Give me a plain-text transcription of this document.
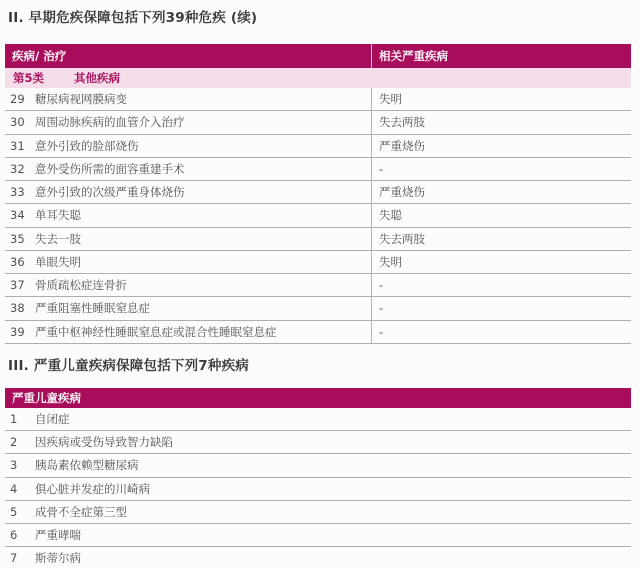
II. 早期危疾保障包括下列39种危疾 (续)
疾病/ 治疗	相关严重疾病
第5类	其他疾病
29 糖尿病视网膜病变	失明
30 周围动脉疾病的血管介入治疗	失去两肢
31 意外引致的脸部烧伤	严重烧伤
32 意外受伤所需的面容重建手术	-
33 意外引致的次级严重身体烧伤	严重烧伤
34 单耳失聪	失聪
35 失去一肢	失去两肢
36 单眼失明	失明
37 骨质疏松症连骨折	-
38 严重阻塞性睡眠窒息症	-
39 严重中枢神经性睡眠窒息症或混合性睡眠窒息症	-
III. 严重儿童疾病保障包括下列7种疾病
严重儿童疾病
1	自闭症
2	因疾病或受伤导致智力缺陷
3	胰岛素依赖型糖尿病
4	俱心脏并发症的川崎病
5	成骨不全症第三型
6	严重哮喘
7	斯蒂尔病
